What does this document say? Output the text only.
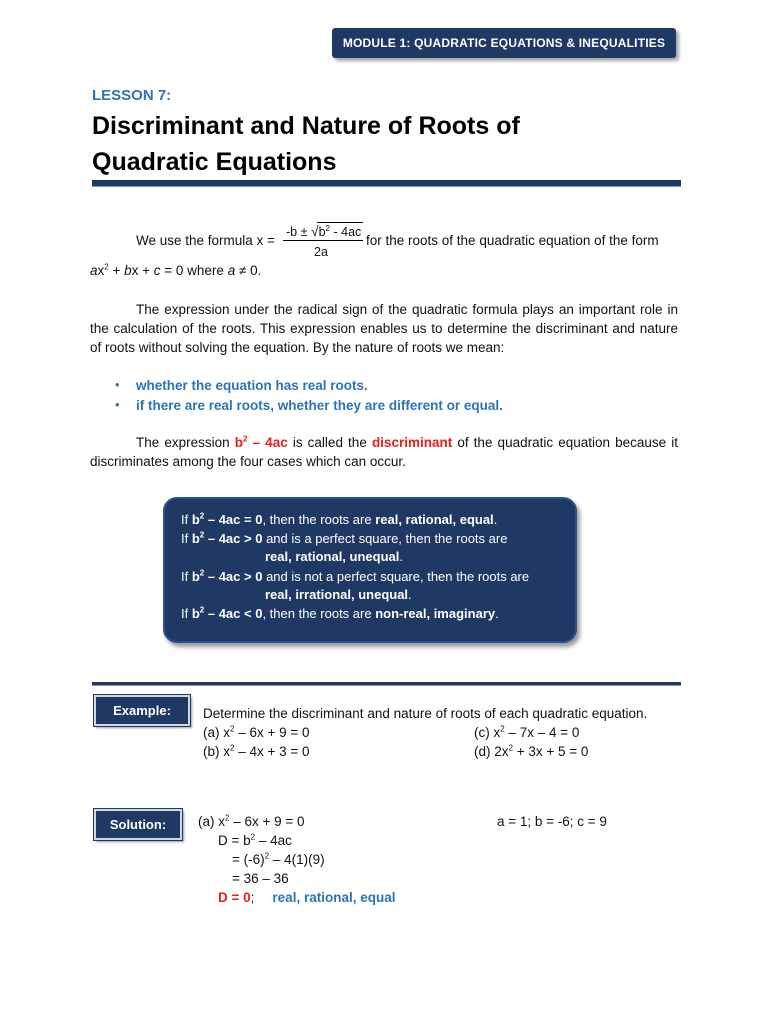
MODULE 1: QUADRATIC EQUATIONS & INEQUALITIES
LESSON 7:
Discriminant and Nature of Roots of
Quadratic Equations
We use the formula x =
$-b \pm √b^2 - 4ac$
2a
for the roots of the quadratic equation of the form
$ax^2$ + bx + c = 0 where a ≠ 0.
The expression under the radical sign of the quadratic formula plays an important role in the calculation of the roots. This expression enables us to determine the discriminant and nature of roots without solving the equation. By the nature of roots we mean:
• whether the equation has real roots.
• if there are real roots, whether they are different or equal.
The expression $b^2 - 4ac$ is called the discriminant of the quadratic equation because it discriminates among the four cases which can occur.
If $b^2 - 4ac = 0$, then the roots are real, rational, equal.
If $b^2 - 4ac > 0$ and is a perfect square, then the roots are
real, rational, unequal.
If $b^2 - 4ac > 0$ and is not a perfect square, then the roots are
real, irrational, unequal.
If $b^2 - 4ac < 0$, then the roots are non-real, imaginary.
Example:	Determine the discriminant and nature of roots of each quadratic equation.
(a) $x^2 - 6x + 9 = 0$
(b) $x^2 - 4x + 3 = 0$
(c) $x^2 - 7x - 4 = 0$
(d) $2x^2 + 3x + 5 = 0$
Solution:	(a) $x^2 - 6x + 9 = 0$	a = 1; b = -6; c = 9
$D = b^2 - 4ac$
= $(-6)^2 - 4(1)(9)$
= 36 – 36
D = 0; real, rational, equal
